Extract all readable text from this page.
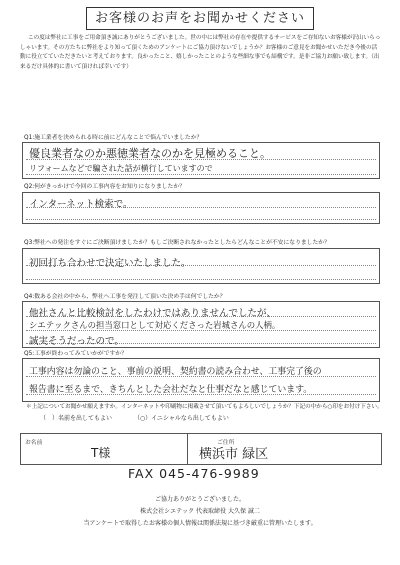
お客様のお声をお聞かせください

この度は弊社に工事をご用命頂き誠にありがとうございました。世の中には弊社の存在や提供するサービスをご存知ないお客様が沢山いらっしゃいます。その方たちに弊社をより知って頂くためのアンケートにご協力頂けないでしょうか？お客様のご意見をお聞かせいただき今後の活動に役立てていただきたいと考えております。良かったこと、嬉しかったことのような些細な事でも結構です。是非ご協力お願い致します。（出来るだけ具体的に書いて頂ければ幸いです）

Q1:施工業者を決められる時に前にどんなことで悩んでいましたか？
優良業者なのか悪徳業者なのかを見極めること。
リフォームなどで騙された話が横行していますので
Q2:何がきっかけで今回の工事内容をお知りになりましたか？
インターネット検索で。
Q3:弊社への発注をすぐにご決断頂けましたか？もしご決断されなかったとしたらどんなことが不安になりましたか？
初回打ち合わせで決定いたしました。
Q4:数ある会社の中から、弊社へ工事を発注して頂いた決め手は何でしたか？
他社さんと比較検討をしたわけではありませんでしたが、
シエテックさんの担当窓口として対応くださった岩城さんの人柄。
誠実そうだったので。
Q5:工事が終わってみていかがですか？
工事内容は勿論のこと、事前の説明、契約書の読み合わせ、工事完了後の
報告書に至るまで、きちんとした会社だなと仕事だなと感じています。
＊上記についてお聞かせ願えますか。インターネットや印刷物に掲載させて頂いてもよろしいでしょうか？下記の中から○印をお付け下さい。
（　）名前を出してもよい	（○）イニシャルなら出してもよい
お名前
T様
ご住所
横浜市 緑区
FAX 045-476-9989
ご協力ありがとうございました。
株式会社シエテック 代表取締役 大久保 誠二
当アンケートで取得したお客様の個人情報は関係法規に基づき厳重に管理いたします。
